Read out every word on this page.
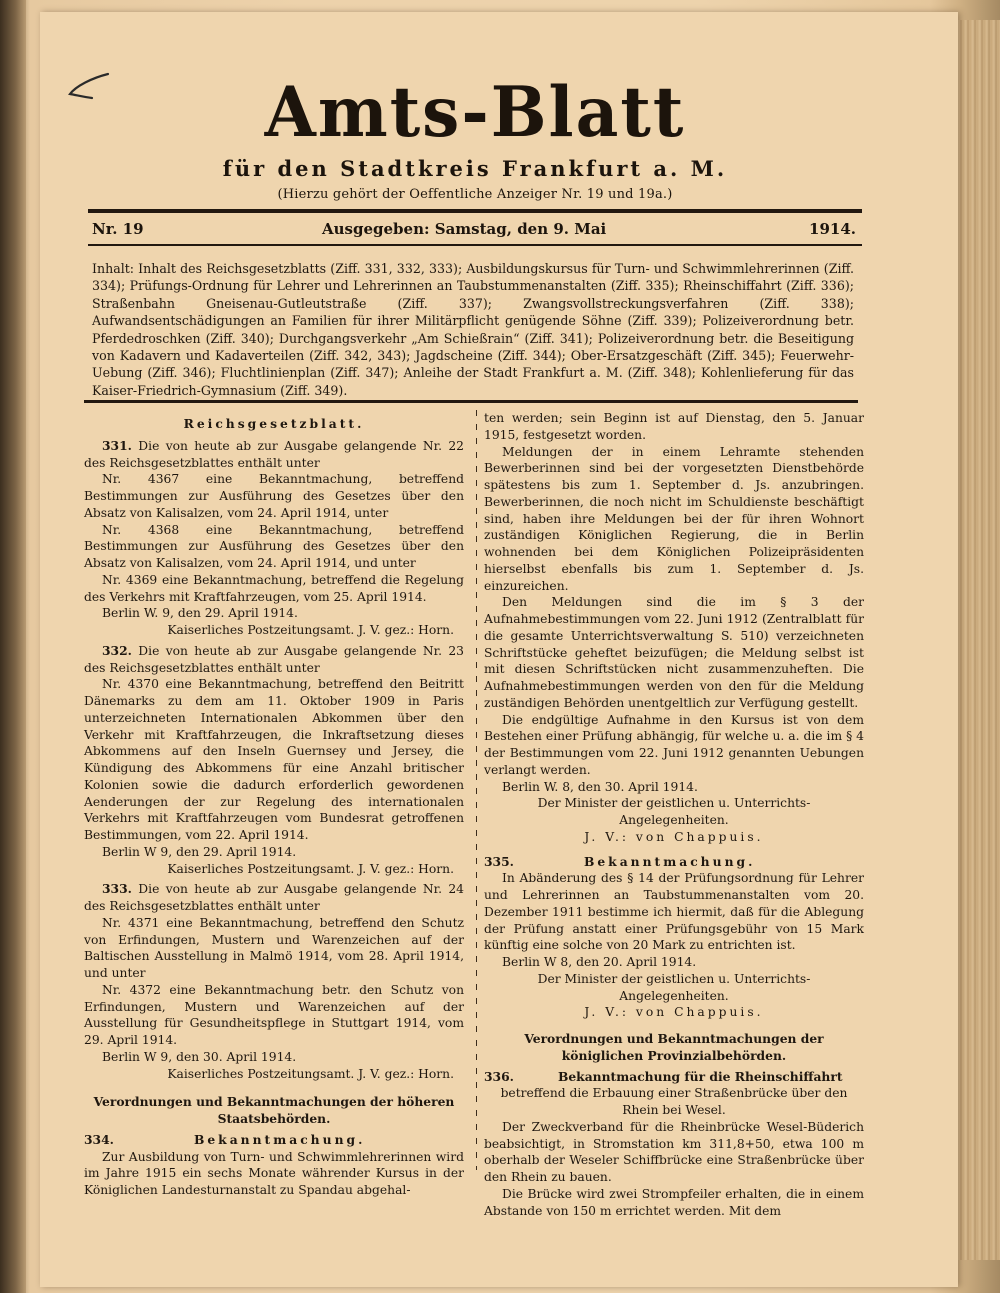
Amts-Blatt
für den Stadtkreis Frankfurt a. M.
(Hierzu gehört der Oeffentliche Anzeiger Nr. 19 und 19a.)
Nr. 19	Ausgegeben: Samstag, den 9. Mai	1914.

Inhalt: Inhalt des Reichsgesetzblatts (Ziff. 331, 332, 333); Ausbildungskursus für Turn- und Schwimmlehrerinnen (Ziff. 334); Prüfungs-Ordnung für Lehrer und Lehrerinnen an Taubstummenanstalten (Ziff. 335); Rheinschiffahrt (Ziff. 336); Straßenbahn Gneisenau-Gutleutstraße (Ziff. 337); Zwangsvollstreckungsverfahren (Ziff. 338); Aufwandsentschädigungen an Familien für ihrer Militärpflicht genügende Söhne (Ziff. 339); Polizeiverordnung betr. Pferdedroschken (Ziff. 340); Durchgangsverkehr „Am Schießrain“ (Ziff. 341); Polizeiverordnung betr. die Beseitigung von Kadavern und Kadaverteilen (Ziff. 342, 343); Jagdscheine (Ziff. 344); Ober-Ersatzgeschäft (Ziff. 345); Feuerwehr-Uebung (Ziff. 346); Fluchtlinienplan (Ziff. 347); Anleihe der Stadt Frankfurt a. M. (Ziff. 348); Kohlenlieferung für das Kaiser-Friedrich-Gymnasium (Ziff. 349).

Reichsgesetzblatt.

331. Die von heute ab zur Ausgabe gelangende Nr. 22 des Reichsgesetzblattes enthält unter

Nr. 4367 eine Bekanntmachung, betreffend Bestimmungen zur Ausführung des Gesetzes über den Absatz von Kalisalzen, vom 24. April 1914, unter

Nr. 4368 eine Bekanntmachung, betreffend Bestimmungen zur Ausführung des Gesetzes über den Absatz von Kalisalzen, vom 24. April 1914, und unter

Nr. 4369 eine Bekanntmachung, betreffend die Regelung des Verkehrs mit Kraftfahrzeugen, vom 25. April 1914.

Berlin W. 9, den 29. April 1914.

Kaiserliches Postzeitungsamt. J. V. gez.: Horn.

332. Die von heute ab zur Ausgabe gelangende Nr. 23 des Reichsgesetzblattes enthält unter

Nr. 4370 eine Bekanntmachung, betreffend den Beitritt Dänemarks zu dem am 11. Oktober 1909 in Paris unterzeichneten Internationalen Abkommen über den Verkehr mit Kraftfahrzeugen, die Inkraftsetzung dieses Abkommens auf den Inseln Guernsey und Jersey, die Kündigung des Abkommens für eine Anzahl britischer Kolonien sowie die dadurch erforderlich gewordenen Aenderungen der zur Regelung des internationalen Verkehrs mit Kraftfahrzeugen vom Bundesrat getroffenen Bestimmungen, vom 22. April 1914.

Berlin W 9, den 29. April 1914.

Kaiserliches Postzeitungsamt. J. V. gez.: Horn.

333. Die von heute ab zur Ausgabe gelangende Nr. 24 des Reichsgesetzblattes enthält unter

Nr. 4371 eine Bekanntmachung, betreffend den Schutz von Erfindungen, Mustern und Warenzeichen auf der Baltischen Ausstellung in Malmö 1914, vom 28. April 1914, und unter

Nr. 4372 eine Bekanntmachung betr. den Schutz von Erfindungen, Mustern und Warenzeichen auf der Ausstellung für Gesundheitspflege in Stuttgart 1914, vom 29. April 1914.

Berlin W 9, den 30. April 1914.

Kaiserliches Postzeitungsamt. J. V. gez.: Horn.

Verordnungen und Bekanntmachungen der höheren Staatsbehörden.

334.	Bekanntmachung.

Zur Ausbildung von Turn- und Schwimmlehrerinnen wird im Jahre 1915 ein sechs Monate währender Kursus in der Königlichen Landesturnanstalt zu Spandau abgehal-

ten werden; sein Beginn ist auf Dienstag, den 5. Januar 1915, festgesetzt worden.

Meldungen der in einem Lehramte stehenden Bewerberinnen sind bei der vorgesetzten Dienstbehörde spätestens bis zum 1. September d. Js. anzubringen. Bewerberinnen, die noch nicht im Schuldienste beschäftigt sind, haben ihre Meldungen bei der für ihren Wohnort zuständigen Königlichen Regierung, die in Berlin wohnenden bei dem Königlichen Polizeipräsidenten hierselbst ebenfalls bis zum 1. September d. Js. einzureichen.

Den Meldungen sind die im § 3 der Aufnahmebestimmungen vom 22. Juni 1912 (Zentralblatt für die gesamte Unterrichtsverwaltung S. 510) verzeichneten Schriftstücke geheftet beizufügen; die Meldung selbst ist mit diesen Schriftstücken nicht zusammenzuheften. Die Aufnahmebestimmungen werden von den für die Meldung zuständigen Behörden unentgeltlich zur Verfügung gestellt.

Die endgültige Aufnahme in den Kursus ist von dem Bestehen einer Prüfung abhängig, für welche u. a. die im § 4 der Bestimmungen vom 22. Juni 1912 genannten Uebungen verlangt werden.

Berlin W. 8, den 30. April 1914.

Der Minister der geistlichen u. Unterrichts-Angelegenheiten.

J. V.: von Chappuis.

335.	Bekanntmachung.

In Abänderung des § 14 der Prüfungsordnung für Lehrer und Lehrerinnen an Taubstummenanstalten vom 20. Dezember 1911 bestimme ich hiermit, daß für die Ablegung der Prüfung anstatt einer Prüfungsgebühr von 15 Mark künftig eine solche von 20 Mark zu entrichten ist.

Berlin W 8, den 20. April 1914.

Der Minister der geistlichen u. Unterrichts-Angelegenheiten.

J. V.: von Chappuis.

Verordnungen und Bekanntmachungen der königlichen Provinzialbehörden.

336.	Bekanntmachung für die Rheinschiffahrt

betreffend die Erbauung einer Straßenbrücke über den Rhein bei Wesel.

Der Zweckverband für die Rheinbrücke Wesel-Büderich beabsichtigt, in Stromstation km 311,8+50, etwa 100 m oberhalb der Weseler Schiffbrücke eine Straßenbrücke über den Rhein zu bauen.

Die Brücke wird zwei Strompfeiler erhalten, die in einem Abstande von 150 m errichtet werden. Mit dem
